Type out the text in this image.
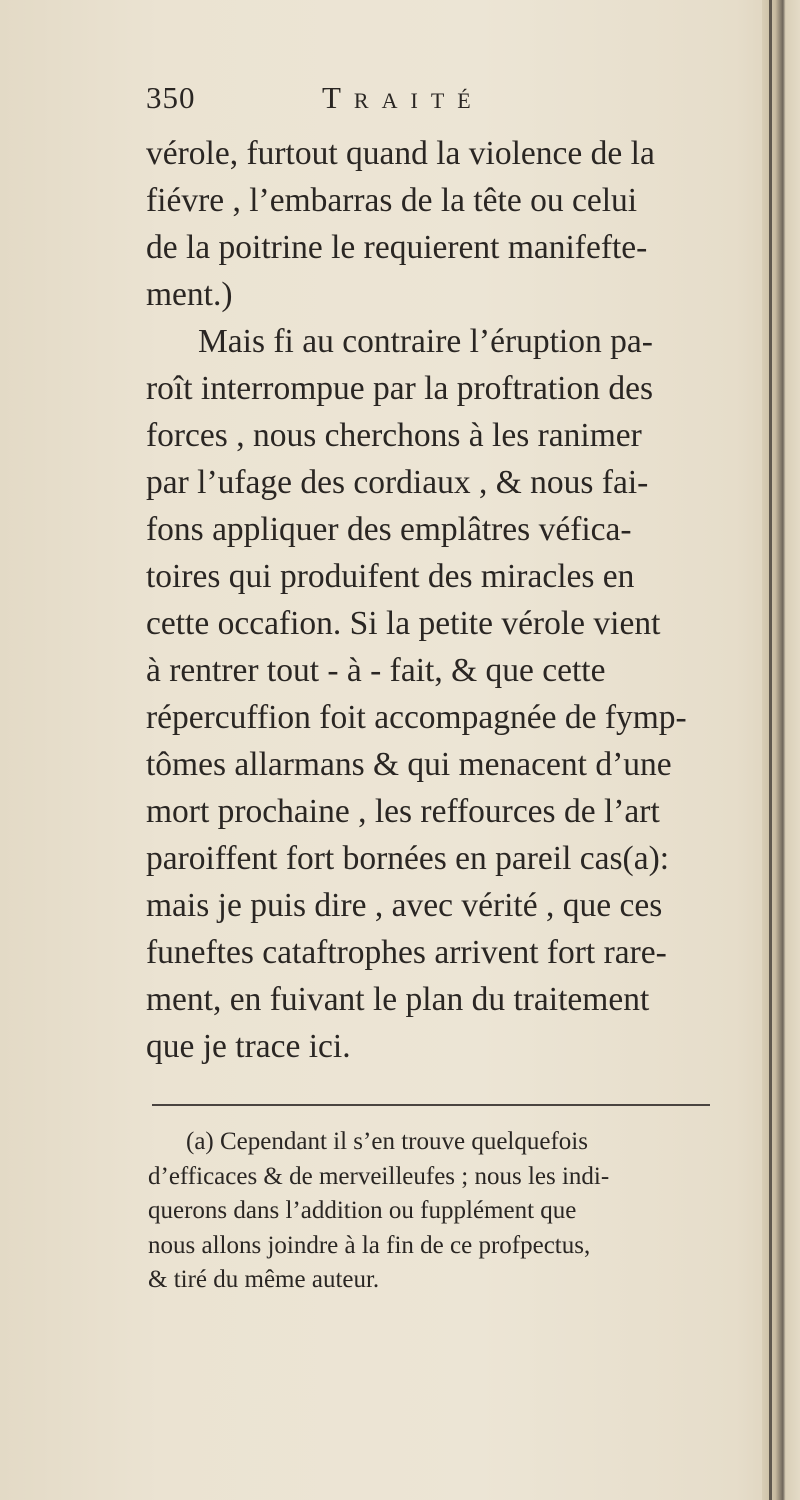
350	Traité
vérole, furtout quand la violence de la
fiévre , l’embarras de la tête ou celui
de la poitrine le requierent manifefte-
ment.)
Mais fi au contraire l’éruption pa-
roît interrompue par la proftration des
forces , nous cherchons à les ranimer
par l’ufage des cordiaux , & nous fai-
fons appliquer des emplâtres véfica-
toires qui produifent des miracles en
cette occafion. Si la petite vérole vient
à rentrer tout - à - fait, & que cette
répercuffion foit accompagnée de fymp-
tômes allarmans & qui menacent d’une
mort prochaine , les reffources de l’art
paroiffent fort bornées en pareil cas(a):
mais je puis dire , avec vérité , que ces
funeftes cataftrophes arrivent fort rare-
ment, en fuivant le plan du traitement
que je trace ici.
(a) Cependant il s’en trouve quelquefois
d’efficaces & de merveilleufes ; nous les indi-
querons dans l’addition ou fupplément que
nous allons joindre à la fin de ce profpectus,
& tiré du même auteur.
